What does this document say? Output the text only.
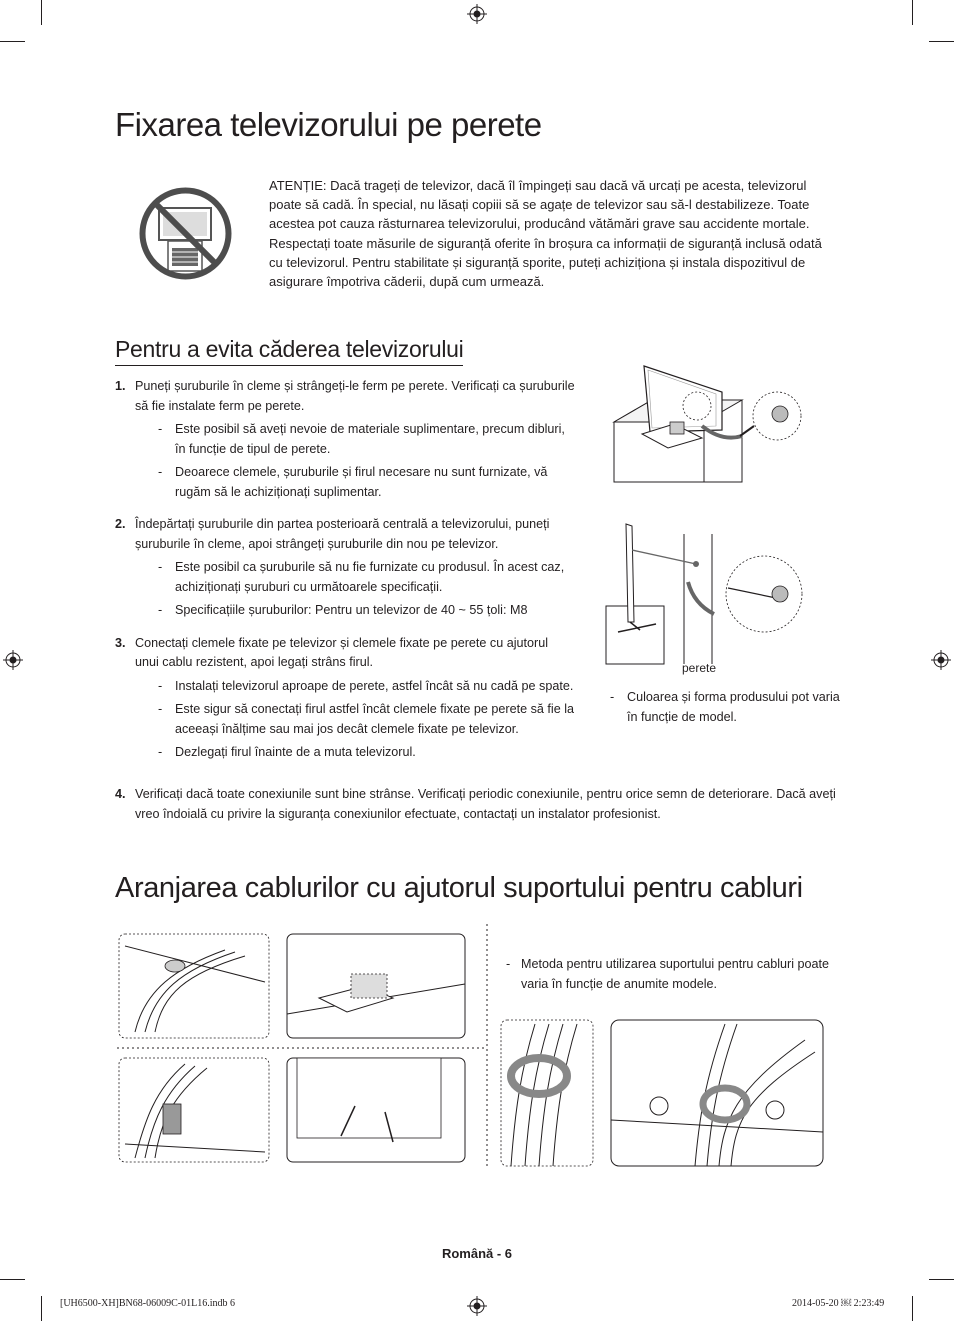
Fixarea televizorului pe perete
ATENȚIE: Dacă trageți de televizor, dacă îl împingeți sau dacă vă urcați pe acesta, televizorul poate să cadă. În special, nu lăsați copiii să se agațe de televizor sau să-l destabilizeze. Toate acestea pot cauza răsturnarea televizorului, producând vătămări grave sau accidente mortale. Respectați toate măsurile de siguranță oferite în broșura ca informații de siguranță inclusă odată cu televizorul. Pentru stabilitate și siguranță sporite, puteți achiziționa și instala dispozitivul de asigurare împotriva căderii, după cum urmează.
Pentru a evita căderea televizorului
1. Puneți șuruburile în cleme și strângeți-le ferm pe perete. Verificați ca șuruburile să fie instalate ferm pe perete.
- Este posibil să aveți nevoie de materiale suplimentare, precum dibluri, în funcție de tipul de perete.
- Deoarece clemele, șuruburile și firul necesare nu sunt furnizate, vă rugăm să le achiziționați suplimentar.
2. Îndepărtați șuruburile din partea posterioară centrală a televizorului, puneți șuruburile în cleme, apoi strângeți șuruburile din nou pe televizor.
- Este posibil ca șuruburile să nu fie furnizate cu produsul. În acest caz, achiziționați șuruburi cu următoarele specificații.
- Specificațiile șuruburilor: Pentru un televizor de 40 ~ 55 țoli: M8
3. Conectați clemele fixate pe televizor și clemele fixate pe perete cu ajutorul unui cablu rezistent, apoi legați strâns firul.
- Instalați televizorul aproape de perete, astfel încât să nu cadă pe spate.
- Este sigur să conectați firul astfel încât clemele fixate pe perete să fie la aceeași înălțime sau mai jos decât clemele fixate pe televizor.
- Dezlegați firul înainte de a muta televizorul.
4. Verificați dacă toate conexiunile sunt bine strânse. Verificați periodic conexiunile, pentru orice semn de deteriorare. Dacă aveți vreo îndoială cu privire la siguranța conexiunilor efectuate, contactați un instalator profesionist.
perete
- Culoarea și forma produsului pot varia în funcție de model.
Aranjarea cablurilor cu ajutorul suportului pentru cabluri
- Metoda pentru utilizarea suportului pentru cabluri poate varia în funcție de anumite modele.
Română - 6
[UH6500-XH]BN68-06009C-01L16.indb 6	2014-05-20 ￼ 2:23:49
